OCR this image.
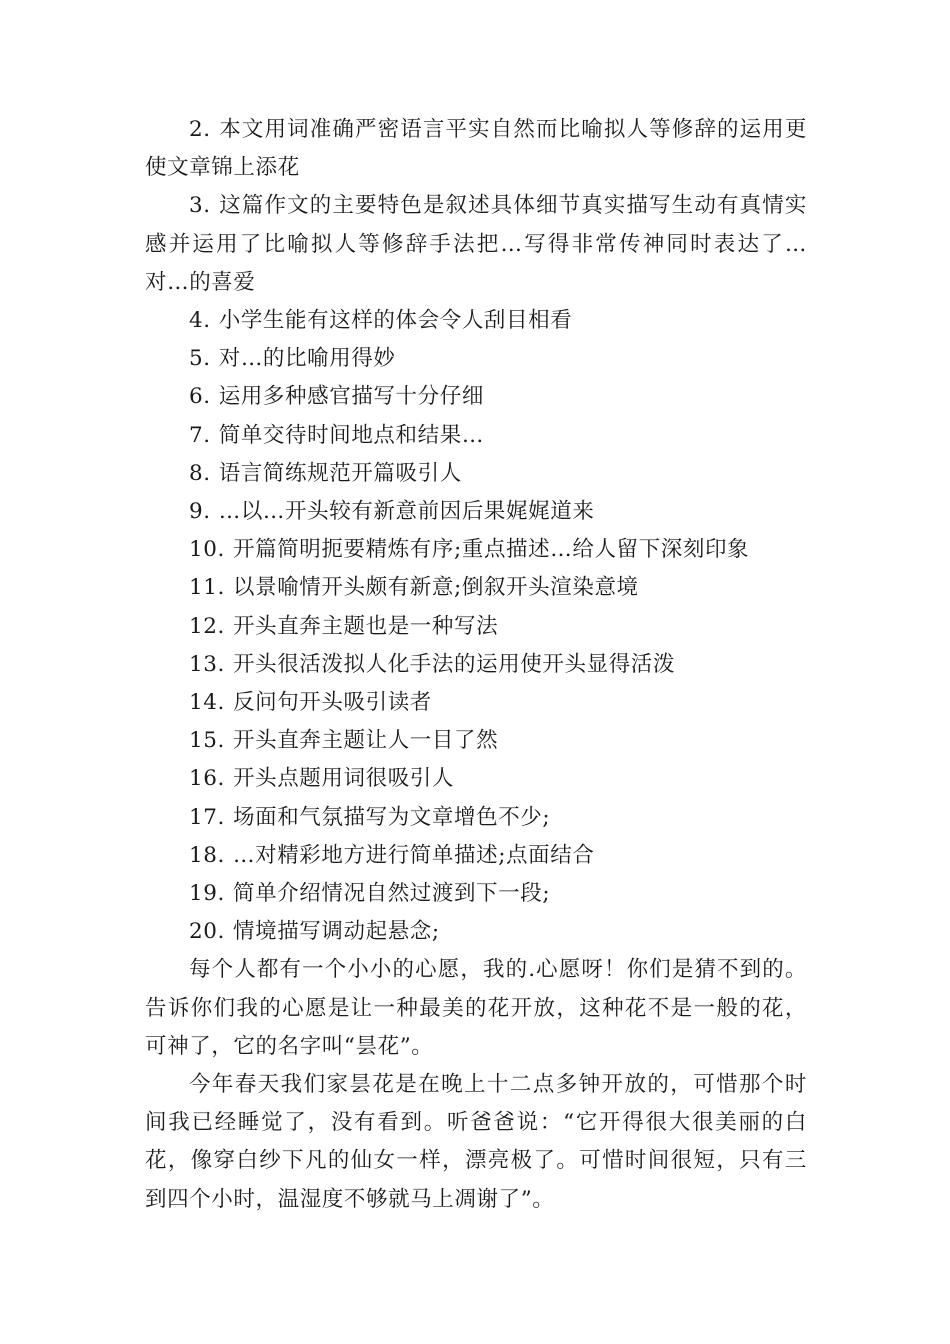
2. 本文用词准确严密语言平实自然而比喻拟人等修辞的运用更使文章锦上添花

3. 这篇作文的主要特色是叙述具体细节真实描写生动有真情实感并运用了比喻拟人等修辞手法把…写得非常传神同时表达了…对…的喜爱

4. 小学生能有这样的体会令人刮目相看

5. 对…的比喻用得妙

6. 运用多种感官描写十分仔细

7. 简单交待时间地点和结果…

8. 语言简练规范开篇吸引人

9. …以…开头较有新意前因后果娓娓道来

10. 开篇简明扼要精炼有序;重点描述…给人留下深刻印象

11. 以景喻情开头颇有新意;倒叙开头渲染意境

12. 开头直奔主题也是一种写法

13. 开头很活泼拟人化手法的运用使开头显得活泼

14. 反问句开头吸引读者

15. 开头直奔主题让人一目了然

16. 开头点题用词很吸引人

17. 场面和气氛描写为文章增色不少;

18. …对精彩地方进行简单描述;点面结合

19. 简单介绍情况自然过渡到下一段;

20. 情境描写调动起悬念;

每个人都有一个小小的心愿，我的.心愿呀！你们是猜不到的。告诉你们我的心愿是让一种最美的花开放，这种花不是一般的花，可神了，它的名字叫“昙花”。

今年春天我们家昙花是在晚上十二点多钟开放的，可惜那个时间我已经睡觉了，没有看到。听爸爸说：“它开得很大很美丽的白花，像穿白纱下凡的仙女一样，漂亮极了。可惜时间很短，只有三到四个小时，温湿度不够就马上凋谢了”。
